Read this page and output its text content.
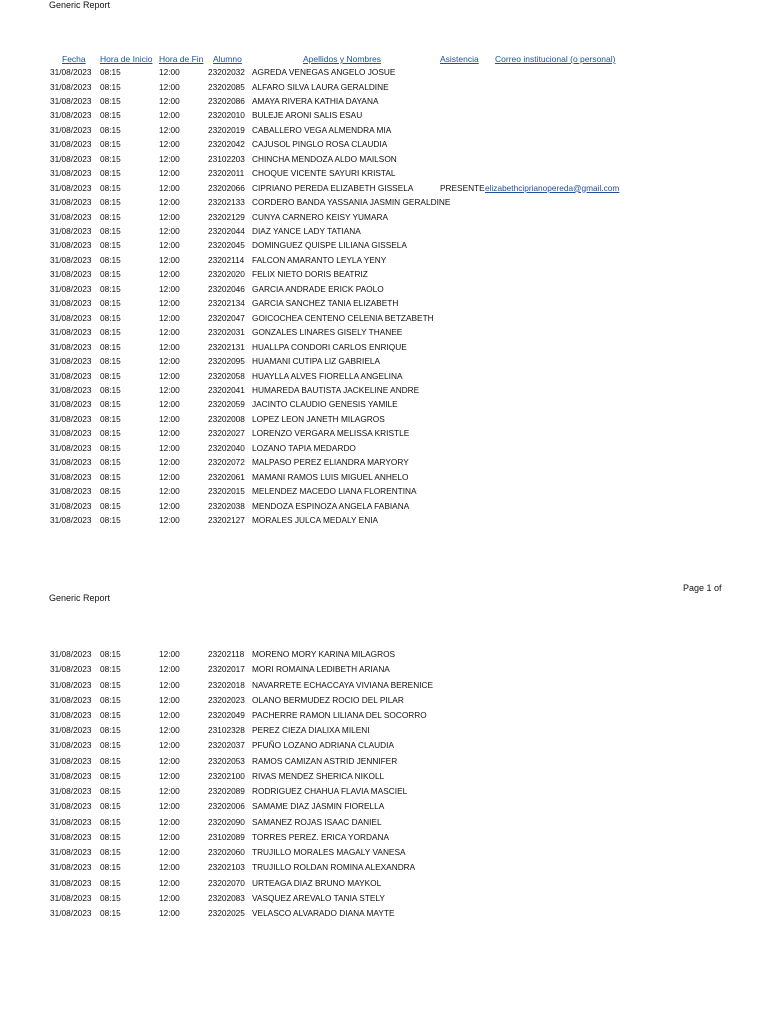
Generic Report
Fecha Hora de Inicio Hora de Fin Alumno	Apellidos y Nombres	Asistencia Correo institucional (o personal)
Page 1 of
Generic Report
31/08/2023 08:15	12:00	23202032 AGREDA VENEGAS ANGELO JOSUE
31/08/2023 08:15	12:00	23202085 ALFARO SILVA LAURA GERALDINE
31/08/2023 08:15	12:00	23202086 AMAYA RIVERA KATHIA DAYANA
31/08/2023 08:15	12:00	23202010 BULEJE ARONI SALIS ESAU
31/08/2023 08:15	12:00	23202019 CABALLERO VEGA ALMENDRA MIA
31/08/2023 08:15	12:00	23202042 CAJUSOL PINGLO ROSA CLAUDIA
31/08/2023 08:15	12:00	23102203 CHINCHA MENDOZA ALDO MAILSON
31/08/2023 08:15	12:00	23202011 CHOQUE VICENTE SAYURI KRISTAL
31/08/2023 08:15	12:00	23202066 CIPRIANO PEREDA ELIZABETH GISSELA	PRESENTE elizabethciprianopereda@gmail.com
31/08/2023 08:15	12:00	23202133 CORDERO BANDA YASSANIA JASMIN GERALDINE
31/08/2023 08:15	12:00	23202129 CUNYA CARNERO KEISY YUMARA
31/08/2023 08:15	12:00	23202044 DIAZ YANCE LADY TATIANA
31/08/2023 08:15	12:00	23202045 DOMINGUEZ QUISPE LILIANA GISSELA
31/08/2023 08:15	12:00	23202114 FALCON AMARANTO LEYLA YENY
31/08/2023 08:15	12:00	23202020 FELIX NIETO DORIS BEATRIZ
31/08/2023 08:15	12:00	23202046 GARCIA ANDRADE ERICK PAOLO
31/08/2023 08:15	12:00	23202134 GARCIA SANCHEZ TANIA ELIZABETH
31/08/2023 08:15	12:00	23202047 GOICOCHEA CENTENO CELENIA BETZABETH
31/08/2023 08:15	12:00	23202031 GONZALES LINARES GISELY THANEE
31/08/2023 08:15	12:00	23202131 HUALLPA CONDORI CARLOS ENRIQUE
31/08/2023 08:15	12:00	23202095 HUAMANI CUTIPA LIZ GABRIELA
31/08/2023 08:15	12:00	23202058 HUAYLLA ALVES FIORELLA ANGELINA
31/08/2023 08:15	12:00	23202041 HUMAREDA BAUTISTA JACKELINE ANDRE
31/08/2023 08:15	12:00	23202059 JACINTO CLAUDIO GENESIS YAMILE
31/08/2023 08:15	12:00	23202008 LOPEZ LEON JANETH MILAGROS
31/08/2023 08:15	12:00	23202027 LORENZO VERGARA MELISSA KRISTLE
31/08/2023 08:15	12:00	23202040 LOZANO TAPIA MEDARDO
31/08/2023 08:15	12:00	23202072 MALPASO PEREZ ELIANDRA MARYORY
31/08/2023 08:15	12:00	23202061 MAMANI RAMOS LUIS MIGUEL ANHELO
31/08/2023 08:15	12:00	23202015 MELENDEZ MACEDO LIANA FLORENTINA
31/08/2023 08:15	12:00	23202038 MENDOZA ESPINOZA ANGELA FABIANA
31/08/2023 08:15	12:00	23202127 MORALES JULCA MEDALY ENIA
31/08/2023 08:15	12:00	23202118 MORENO MORY KARINA MILAGROS
31/08/2023 08:15	12:00	23202017 MORI ROMAINA LEDIBETH ARIANA
31/08/2023 08:15	12:00	23202018 NAVARRETE ECHACCAYA VIVIANA BERENICE
31/08/2023 08:15	12:00	23202023 OLANO BERMUDEZ ROCIO DEL PILAR
31/08/2023 08:15	12:00	23202049 PACHERRE RAMON LILIANA DEL SOCORRO
31/08/2023 08:15	12:00	23102328 PEREZ CIEZA DIALIXA MILENI
31/08/2023 08:15	12:00	23202037 PFUÑO LOZANO ADRIANA CLAUDIA
31/08/2023 08:15	12:00	23202053 RAMOS CAMIZAN ASTRID JENNIFER
31/08/2023 08:15	12:00	23202100 RIVAS MENDEZ SHERICA NIKOLL
31/08/2023 08:15	12:00	23202089 RODRIGUEZ CHAHUA FLAVIA MASCIEL
31/08/2023 08:15	12:00	23202006 SAMAME DIAZ JASMIN FIORELLA
31/08/2023 08:15	12:00	23202090 SAMANEZ ROJAS ISAAC DANIEL
31/08/2023 08:15	12:00	23102089 TORRES PEREZ. ERICA YORDANA
31/08/2023 08:15	12:00	23202060 TRUJILLO MORALES MAGALY VANESA
31/08/2023 08:15	12:00	23202103 TRUJILLO ROLDAN ROMINA ALEXANDRA
31/08/2023 08:15	12:00	23202070 URTEAGA DIAZ BRUNO MAYKOL
31/08/2023 08:15	12:00	23202083 VASQUEZ AREVALO TANIA STELY
31/08/2023 08:15	12:00	23202025 VELASCO ALVARADO DIANA MAYTE
